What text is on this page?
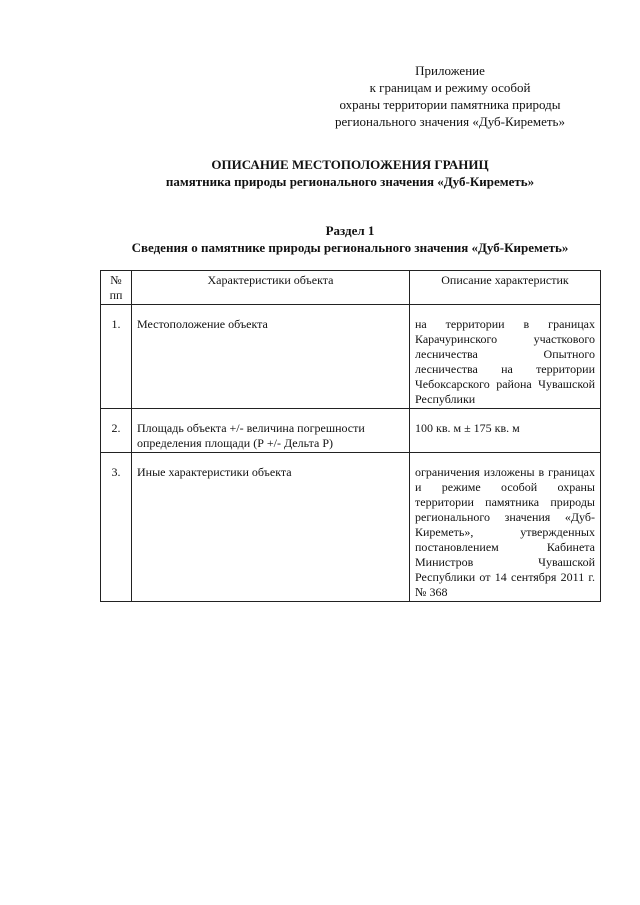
Приложение
к границам и режиму особой
охраны территории памятника природы
регионального значения «Дуб-Киреметь»
ОПИСАНИЕ МЕСТОПОЛОЖЕНИЯ ГРАНИЦ
памятника природы регионального значения «Дуб-Киреметь»
Раздел 1
Сведения о памятнике природы регионального значения «Дуб-Киреметь»
№ пп	Характеристики объекта	Описание характеристик
1.	Местоположение объекта	на территории в границах Карачуринского участкового лесничества Опытного лесничества на территории Чебоксарского района Чувашской Республики
2.	Площадь объекта +/- величина погрешности определения площади (Р +/- Дельта Р)	100 кв. м ± 175 кв. м
3.	Иные характеристики объекта	ограничения изложены в границах и режиме особой охраны территории памятника природы регионального значения «Дуб-Киреметь», утвержденных постановлением Кабинета Министров Чувашской Республики от 14 сентября 2011 г. № 368
